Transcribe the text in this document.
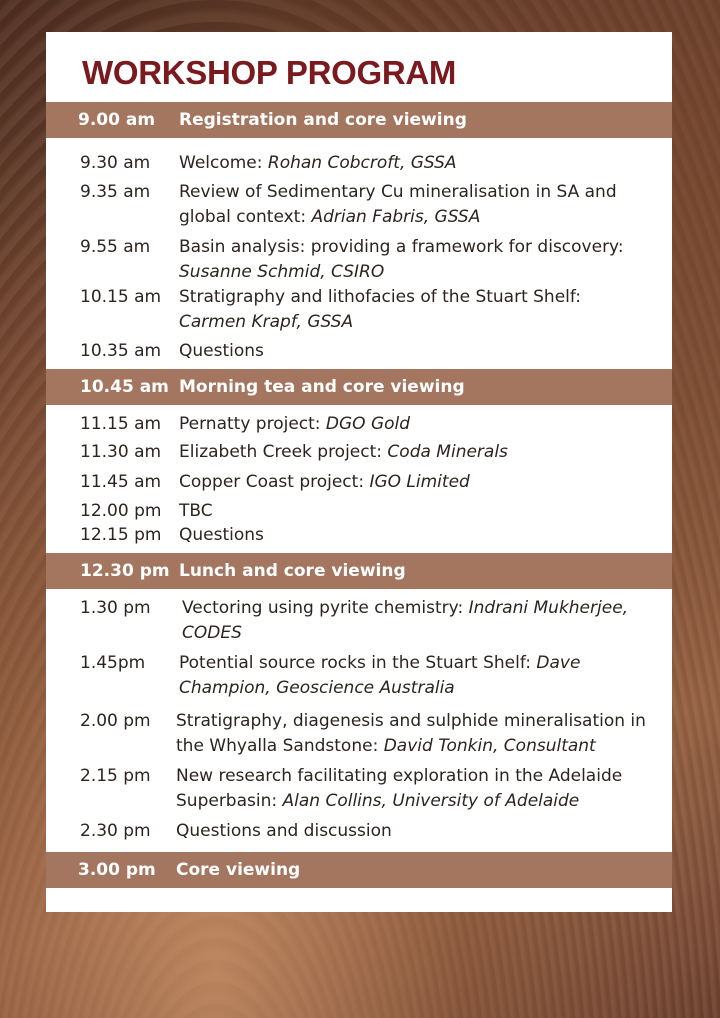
WORKSHOP PROGRAM
9.00 am Registration and core viewing
9.30 am Welcome: Rohan Cobcroft, GSSA
9.35 am Review of Sedimentary Cu mineralisation in SA and global context: Adrian Fabris, GSSA
9.55 am Basin analysis: providing a framework for discovery: Susanne Schmid, CSIRO
10.15 am Stratigraphy and lithofacies of the Stuart Shelf: Carmen Krapf, GSSA
10.35 am Questions
10.45 am Morning tea and core viewing
11.15 am Pernatty project: DGO Gold
11.30 am Elizabeth Creek project: Coda Minerals
11.45 am Copper Coast project: IGO Limited
12.00 pm TBC
12.15 pm Questions
12.30 pm Lunch and core viewing
1.30 pm Vectoring using pyrite chemistry: Indrani Mukherjee, CODES
1.45pm Potential source rocks in the Stuart Shelf: Dave Champion, Geoscience Australia
2.00 pm Stratigraphy, diagenesis and sulphide mineralisation in the Whyalla Sandstone: David Tonkin, Consultant
2.15 pm New research facilitating exploration in the Adelaide Superbasin: Alan Collins, University of Adelaide
2.30 pm Questions and discussion
3.00 pm Core viewing
